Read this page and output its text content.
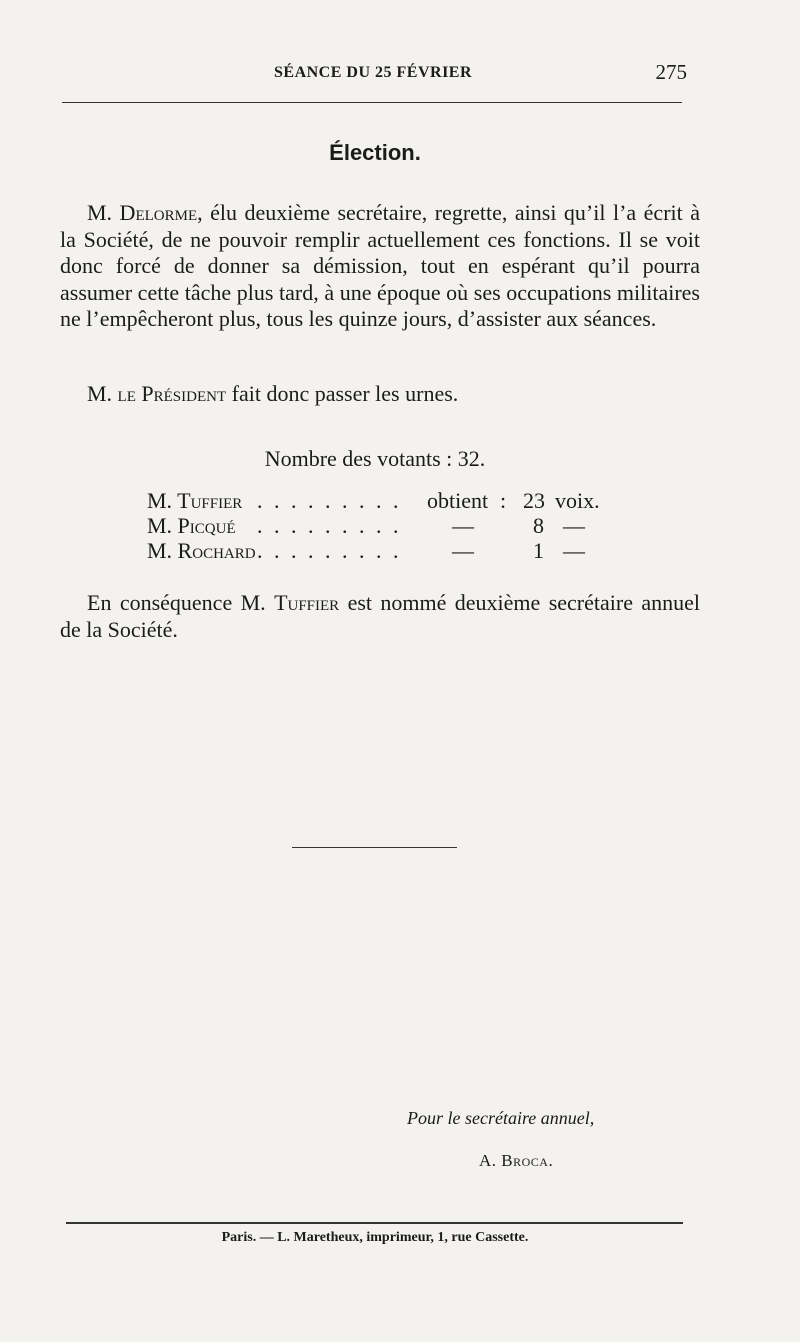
SÉANCE DU 25 FÉVRIER	275
Élection.
M. Delorme, élu deuxième secrétaire, regrette, ainsi qu’il l’a écrit à la Société, de ne pouvoir remplir actuellement ces fonctions. Il se voit donc forcé de donner sa démission, tout en espérant qu’il pourra assumer cette tâche plus tard, à une époque où ses occupations militaires ne l’empêcheront plus, tous les quinze jours, d’assister aux séances.
M. le Président fait donc passer les urnes.
Nombre des votants : 32.
M. Tuffier . . . . . . . . . obtient : 23 voix.
M. Picqué . . . . . . . . . —	8 —
M. Rochard . . . . . . . . . —	1 —
En conséquence M. Tuffier est nommé deuxième secrétaire annuel de la Société.
Pour le secrétaire annuel,
A. Broca.
Paris. — L. Maretheux, imprimeur, 1, rue Cassette.
